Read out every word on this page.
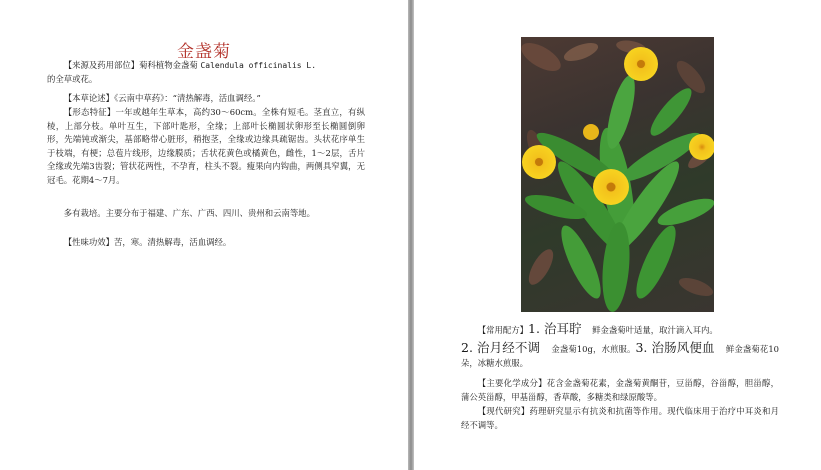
金盏菊

【来源及药用部位】菊科植物金盏菊 Calendula officinalis L.
的全草或花。

【本草论述】《云南中草药》：“清热解毒，活血调经。”

【形态特征】一年或越年生草本，高约30～60cm。全株有短毛。茎直立，有纵棱，上部分枝。单叶互生，下部叶匙形，全缘；上部叶长椭圆状卵形至长椭圆倒卵形，先端钝或渐尖，基部略带心脏形，稍抱茎，全缘或边缘具疏锯齿。头状花序单生于枝端，有梗；总苞片线形，边缘膜质；舌状花黄色或橘黄色，雌性，1～2层，舌片全缘或先端3齿裂；管状花两性，不孕育，柱头不裂。瘦果向内钩曲，两侧具窄翼，无冠毛。花期4～7月。

多有栽培。主要分布于福建、广东、广西、四川、贵州和云南等地。

【性味功效】苦，寒。清热解毒，活血调经。

【常用配方】1. 治耳聍 鲜金盏菊叶适量，取汁滴入耳内。

2. 治月经不调 金盏菊10g，水煎服。3. 治肠风便血 鲜金盏菊花10朵，冰糖水煎服。

【主要化学成分】花含金盏菊花素，金盏菊黄酮苷，豆甾醇，谷甾醇，胆甾醇，蒲公英甾醇，甲基甾醇，香草酸，多糖类和绿原酸等。

【现代研究】药理研究显示有抗炎和抗菌等作用。现代临床用于治疗中耳炎和月经不调等。
